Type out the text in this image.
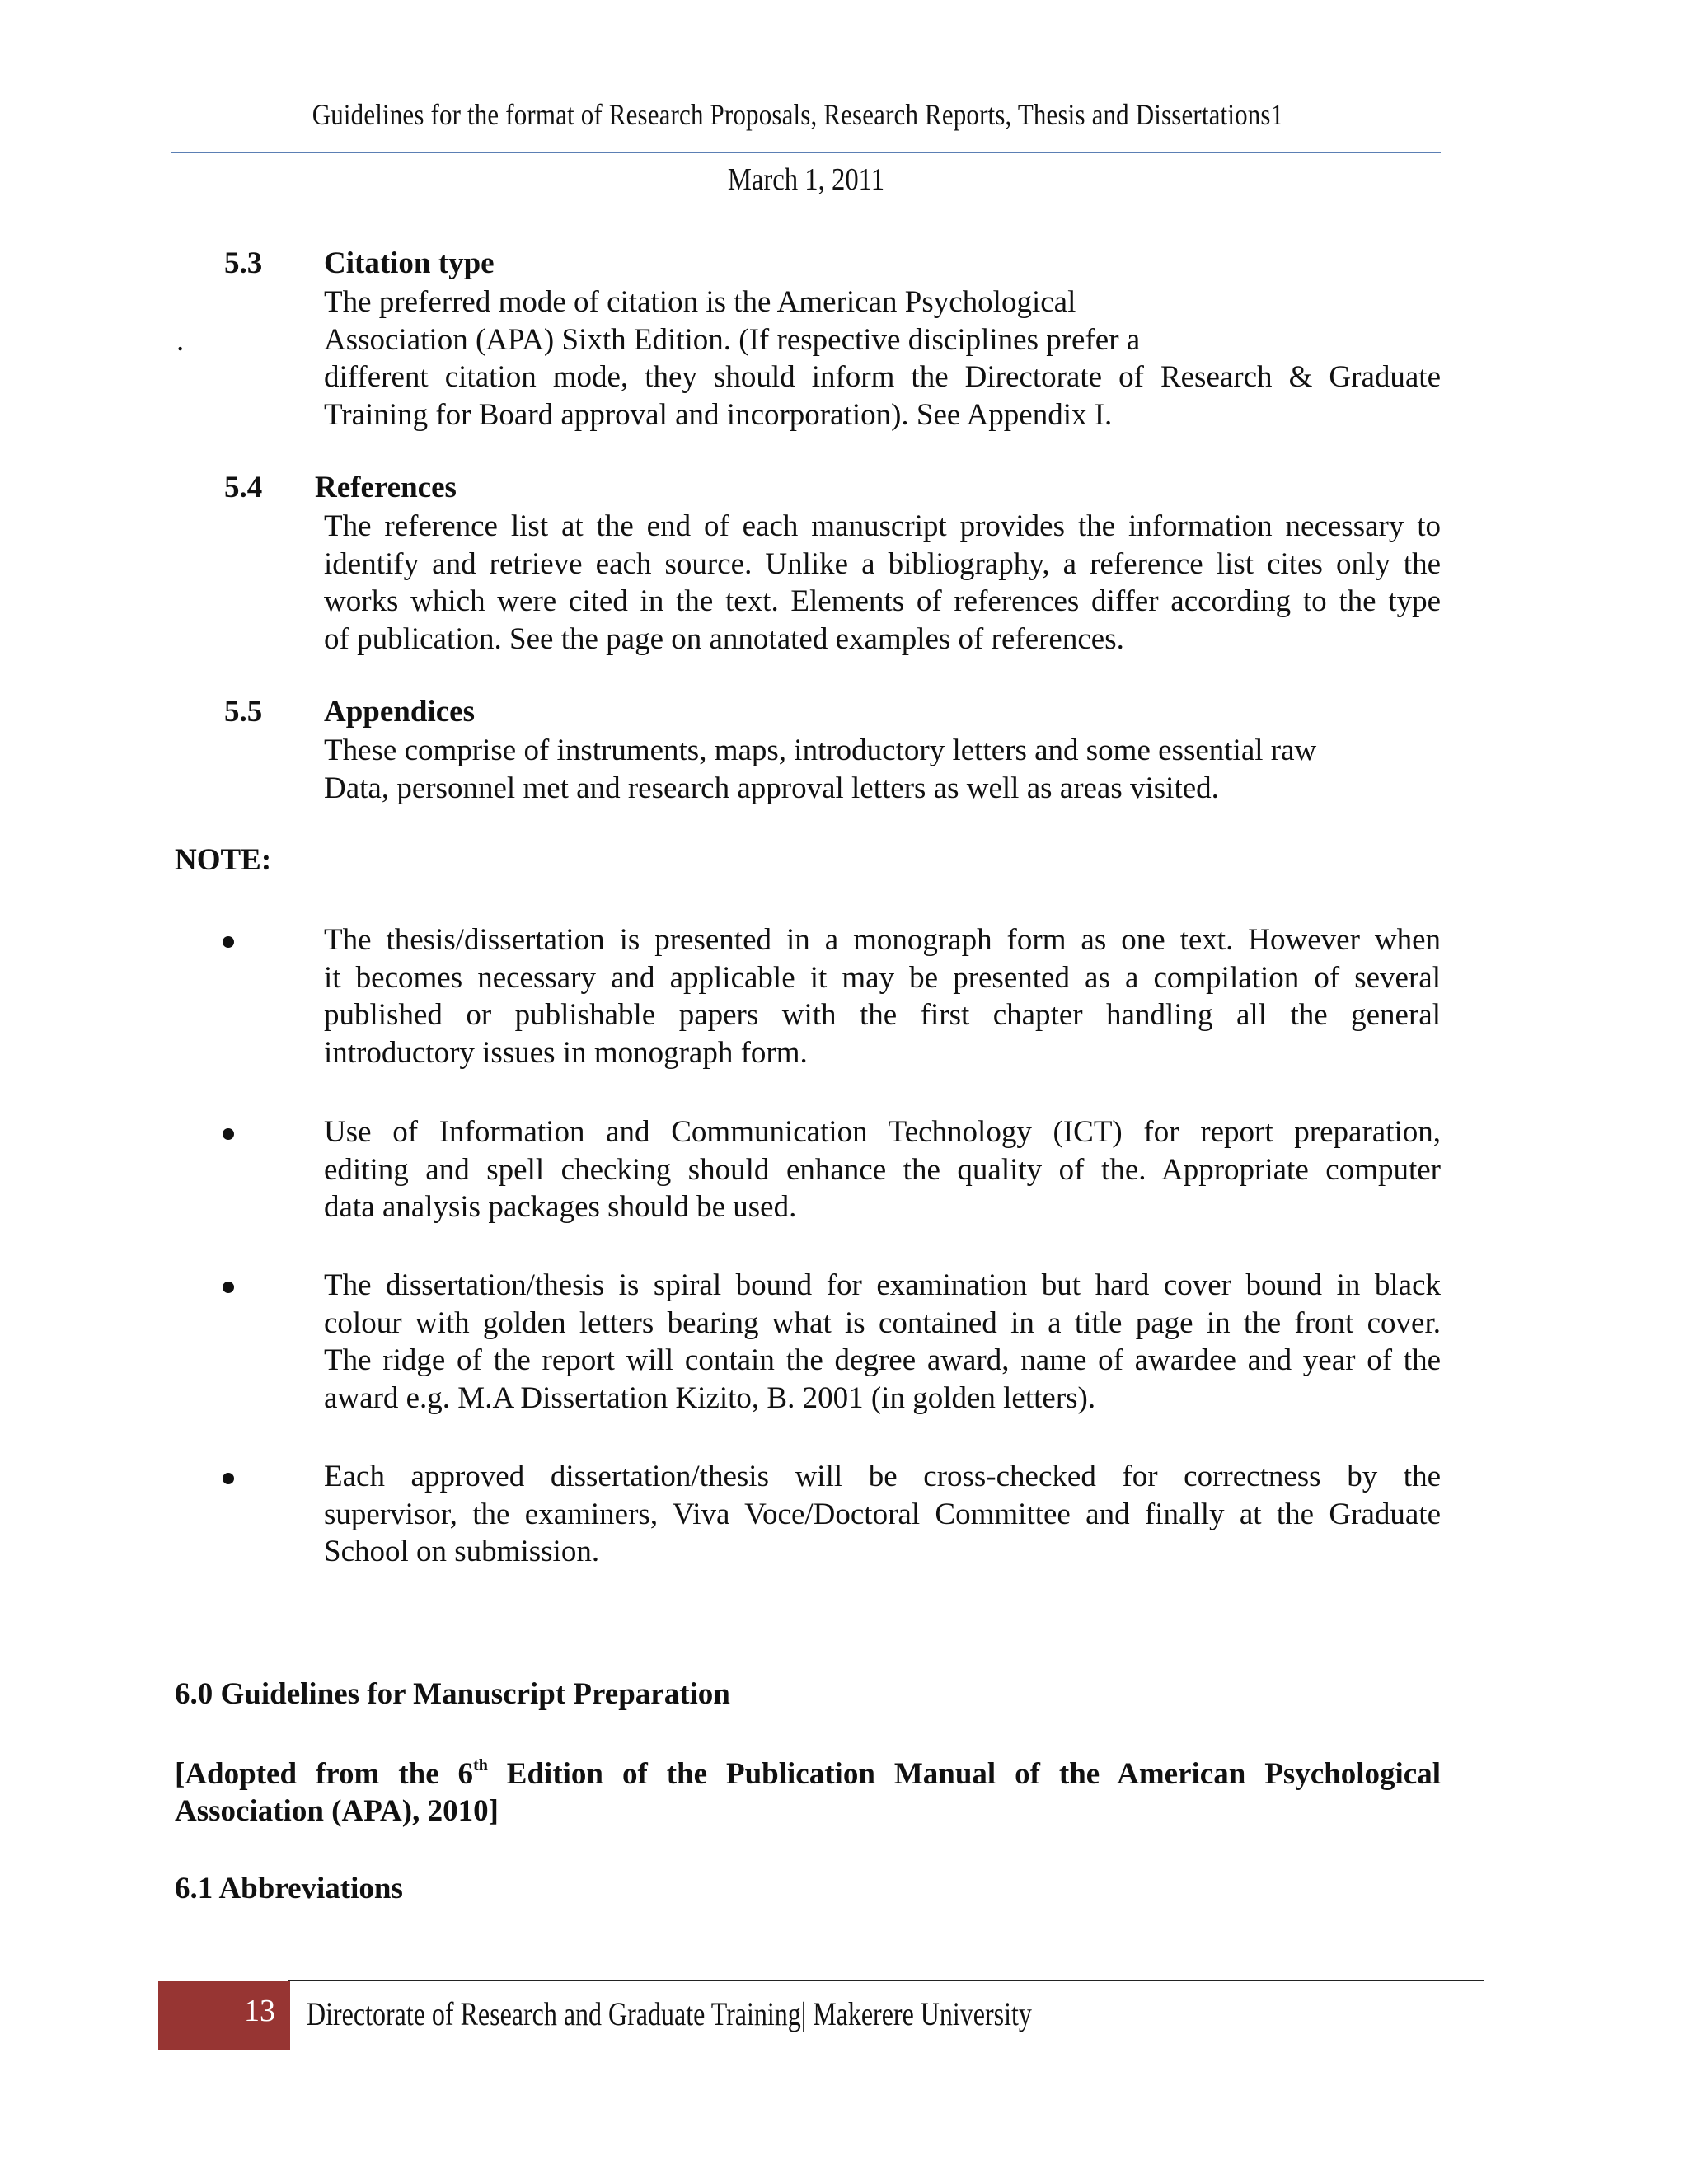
Guidelines for the format of Research Proposals, Research Reports, Thesis and Dissertations1
March 1, 2011
5.3 Citation type
.
The preferred mode of citation is the American Psychological
Association (APA) Sixth Edition. (If respective disciplines prefer a
different citation mode, they should inform the Directorate of Research & Graduate
Training for Board approval and incorporation). See Appendix I.
5.4 References
The reference list at the end of each manuscript provides the information necessary to
identify and retrieve each source. Unlike a bibliography, a reference list cites only the
works which were cited in the text. Elements of references differ according to the type
of publication. See the page on annotated examples of references.
5.5 Appendices
These comprise of instruments, maps, introductory letters and some essential raw
Data, personnel met and research approval letters as well as areas visited.
NOTE:
The thesis/dissertation is presented in a monograph form as one text. However when
it becomes necessary and applicable it may be presented as a compilation of several
published or publishable papers with the first chapter handling all the general
introductory issues in monograph form.
Use of Information and Communication Technology (ICT) for report preparation,
editing and spell checking should enhance the quality of the. Appropriate computer
data analysis packages should be used.
The dissertation/thesis is spiral bound for examination but hard cover bound in black
colour with golden letters bearing what is contained in a title page in the front cover.
The ridge of the report will contain the degree award, name of awardee and year of the
award e.g. M.A Dissertation Kizito, B. 2001 (in golden letters).
Each approved dissertation/thesis will be cross-checked for correctness by the
supervisor, the examiners, Viva Voce/Doctoral Committee and finally at the Graduate
School on submission.
6.0 Guidelines for Manuscript Preparation
[Adopted from the 6th Edition of the Publication Manual of the American Psychological
Association (APA), 2010]
6.1 Abbreviations
13 Directorate of Research and Graduate Training| Makerere University
